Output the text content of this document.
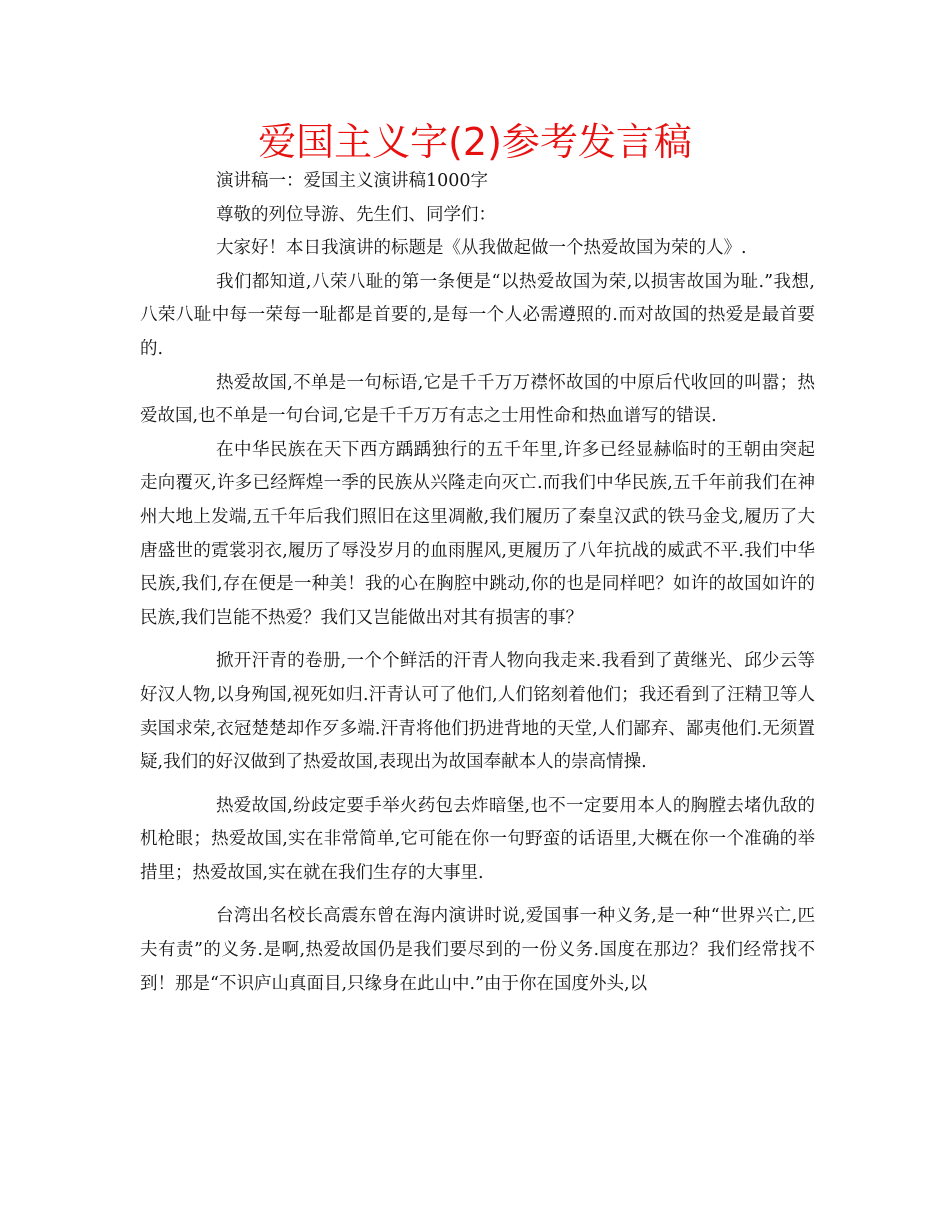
爱国主义字(2)参考发言稿

演讲稿一：爱国主义演讲稿1000字

尊敬的列位导游、先生们、同学们：

大家好！本日我演讲的标题是《从我做起做一个热爱故国为荣的人》.

我们都知道,八荣八耻的第一条便是“以热爱故国为荣,以损害故国为耻.”我想,八荣八耻中每一荣每一耻都是首要的,是每一个人必需遵照的.而对故国的热爱是最首要的.

热爱故国,不单是一句标语,它是千千万万襟怀故国的中原后代收回的叫嚣；热爱故国,也不单是一句台词,它是千千万万有志之士用性命和热血谱写的错误.

在中华民族在天下西方踽踽独行的五千年里,许多已经显赫临时的王朝由突起走向覆灭,许多已经辉煌一季的民族从兴隆走向灭亡.而我们中华民族,五千年前我们在神州大地上发端,五千年后我们照旧在这里凋敝,我们履历了秦皇汉武的铁马金戈,履历了大唐盛世的霓裳羽衣,履历了辱没岁月的血雨腥风,更履历了八年抗战的威武不平.我们中华民族,我们,存在便是一种美！我的心在胸腔中跳动,你的也是同样吧？如许的故国如许的民族,我们岂能不热爱？我们又岂能做出对其有损害的事？

掀开汗青的卷册,一个个鲜活的汗青人物向我走来.我看到了黄继光、邱少云等好汉人物,以身殉国,视死如归.汗青认可了他们,人们铭刻着他们；我还看到了汪精卫等人卖国求荣,衣冠楚楚却作歹多端.汗青将他们扔进背地的天堂,人们鄙弃、鄙夷他们.无须置疑,我们的好汉做到了热爱故国,表现出为故国奉献本人的崇高情操.

热爱故国,纷歧定要手举火药包去炸暗堡,也不一定要用本人的胸膛去堵仇敌的机枪眼；热爱故国,实在非常简单,它可能在你一句野蛮的话语里,大概在你一个准确的举措里；热爱故国,实在就在我们生存的大事里.

台湾出名校长高震东曾在海内演讲时说,爱国事一种义务,是一种“世界兴亡,匹夫有责”的义务.是啊,热爱故国仍是我们要尽到的一份义务.国度在那边？我们经常找不到！那是“不识庐山真面目,只缘身在此山中.”由于你在国度外头,以
